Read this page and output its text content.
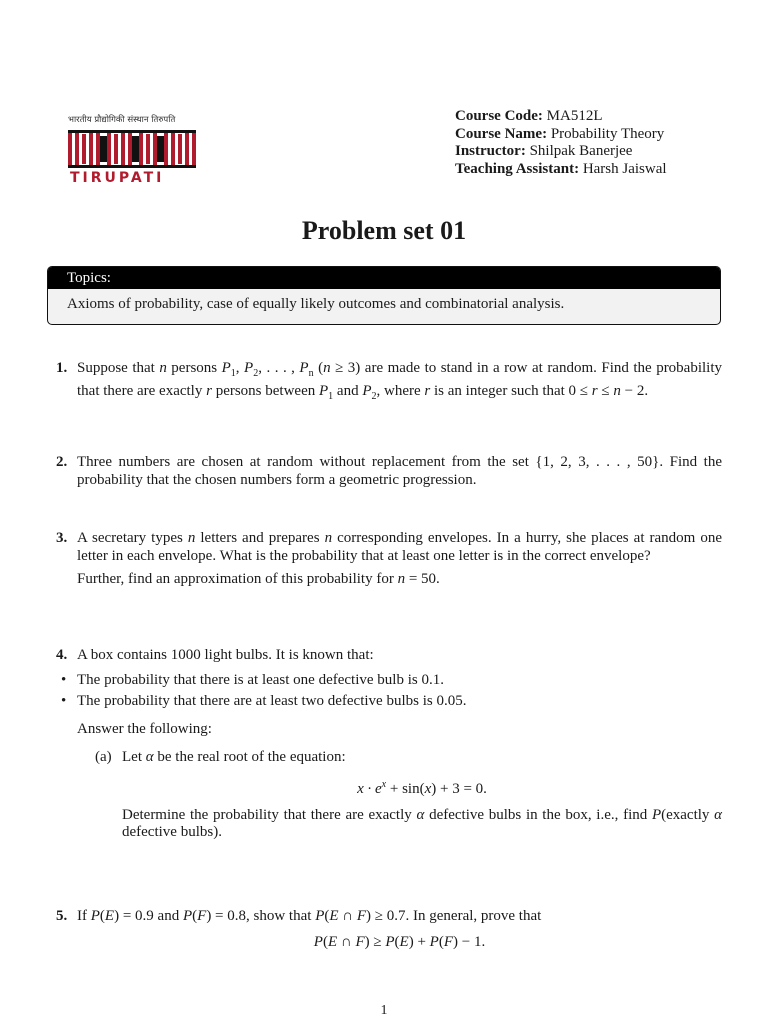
भारतीय प्रौद्योगिकी संस्थान तिरुपति
TIRUPATI
Course Code: MA512L
Course Name: Probability Theory
Instructor: Shilpak Banerjee
Teaching Assistant: Harsh Jaiswal
Problem set 01
Topics:
Axioms of probability, case of equally likely outcomes and combinatorial analysis.
1. Suppose that n persons $P_1$, $P_2$, . . . , $P_n$ (n ≥ 3) are made to stand in a row at random. Find the probability that there are exactly r persons between $P_1$ and $P_2$, where r is an integer such that 0 ≤ r ≤ n − 2.
2. Three numbers are chosen at random without replacement from the set {1, 2, 3, . . . , 50}. Find the probability that the chosen numbers form a geometric progression.
3. A secretary types n letters and prepares n corresponding envelopes. In a hurry, she places at random one letter in each envelope. What is the probability that at least one letter is in the correct envelope?
Further, find an approximation of this probability for n = 50.
4. A box contains 1000 light bulbs. It is known that:
• The probability that there is at least one defective bulb is 0.1.
• The probability that there are at least two defective bulbs is 0.05.
Answer the following:
(a) Let α be the real root of the equation:
$x \cdot e^x + \sin(x) + 3 = 0$.
Determine the probability that there are exactly α defective bulbs in the box, i.e., find P(exactly α defective bulbs).
5. If P(E) = 0.9 and P(F) = 0.8, show that P(E ∩ F) ≥ 0.7. In general, prove that
P(E ∩ F) ≥ P(E) + P(F) − 1.
1
